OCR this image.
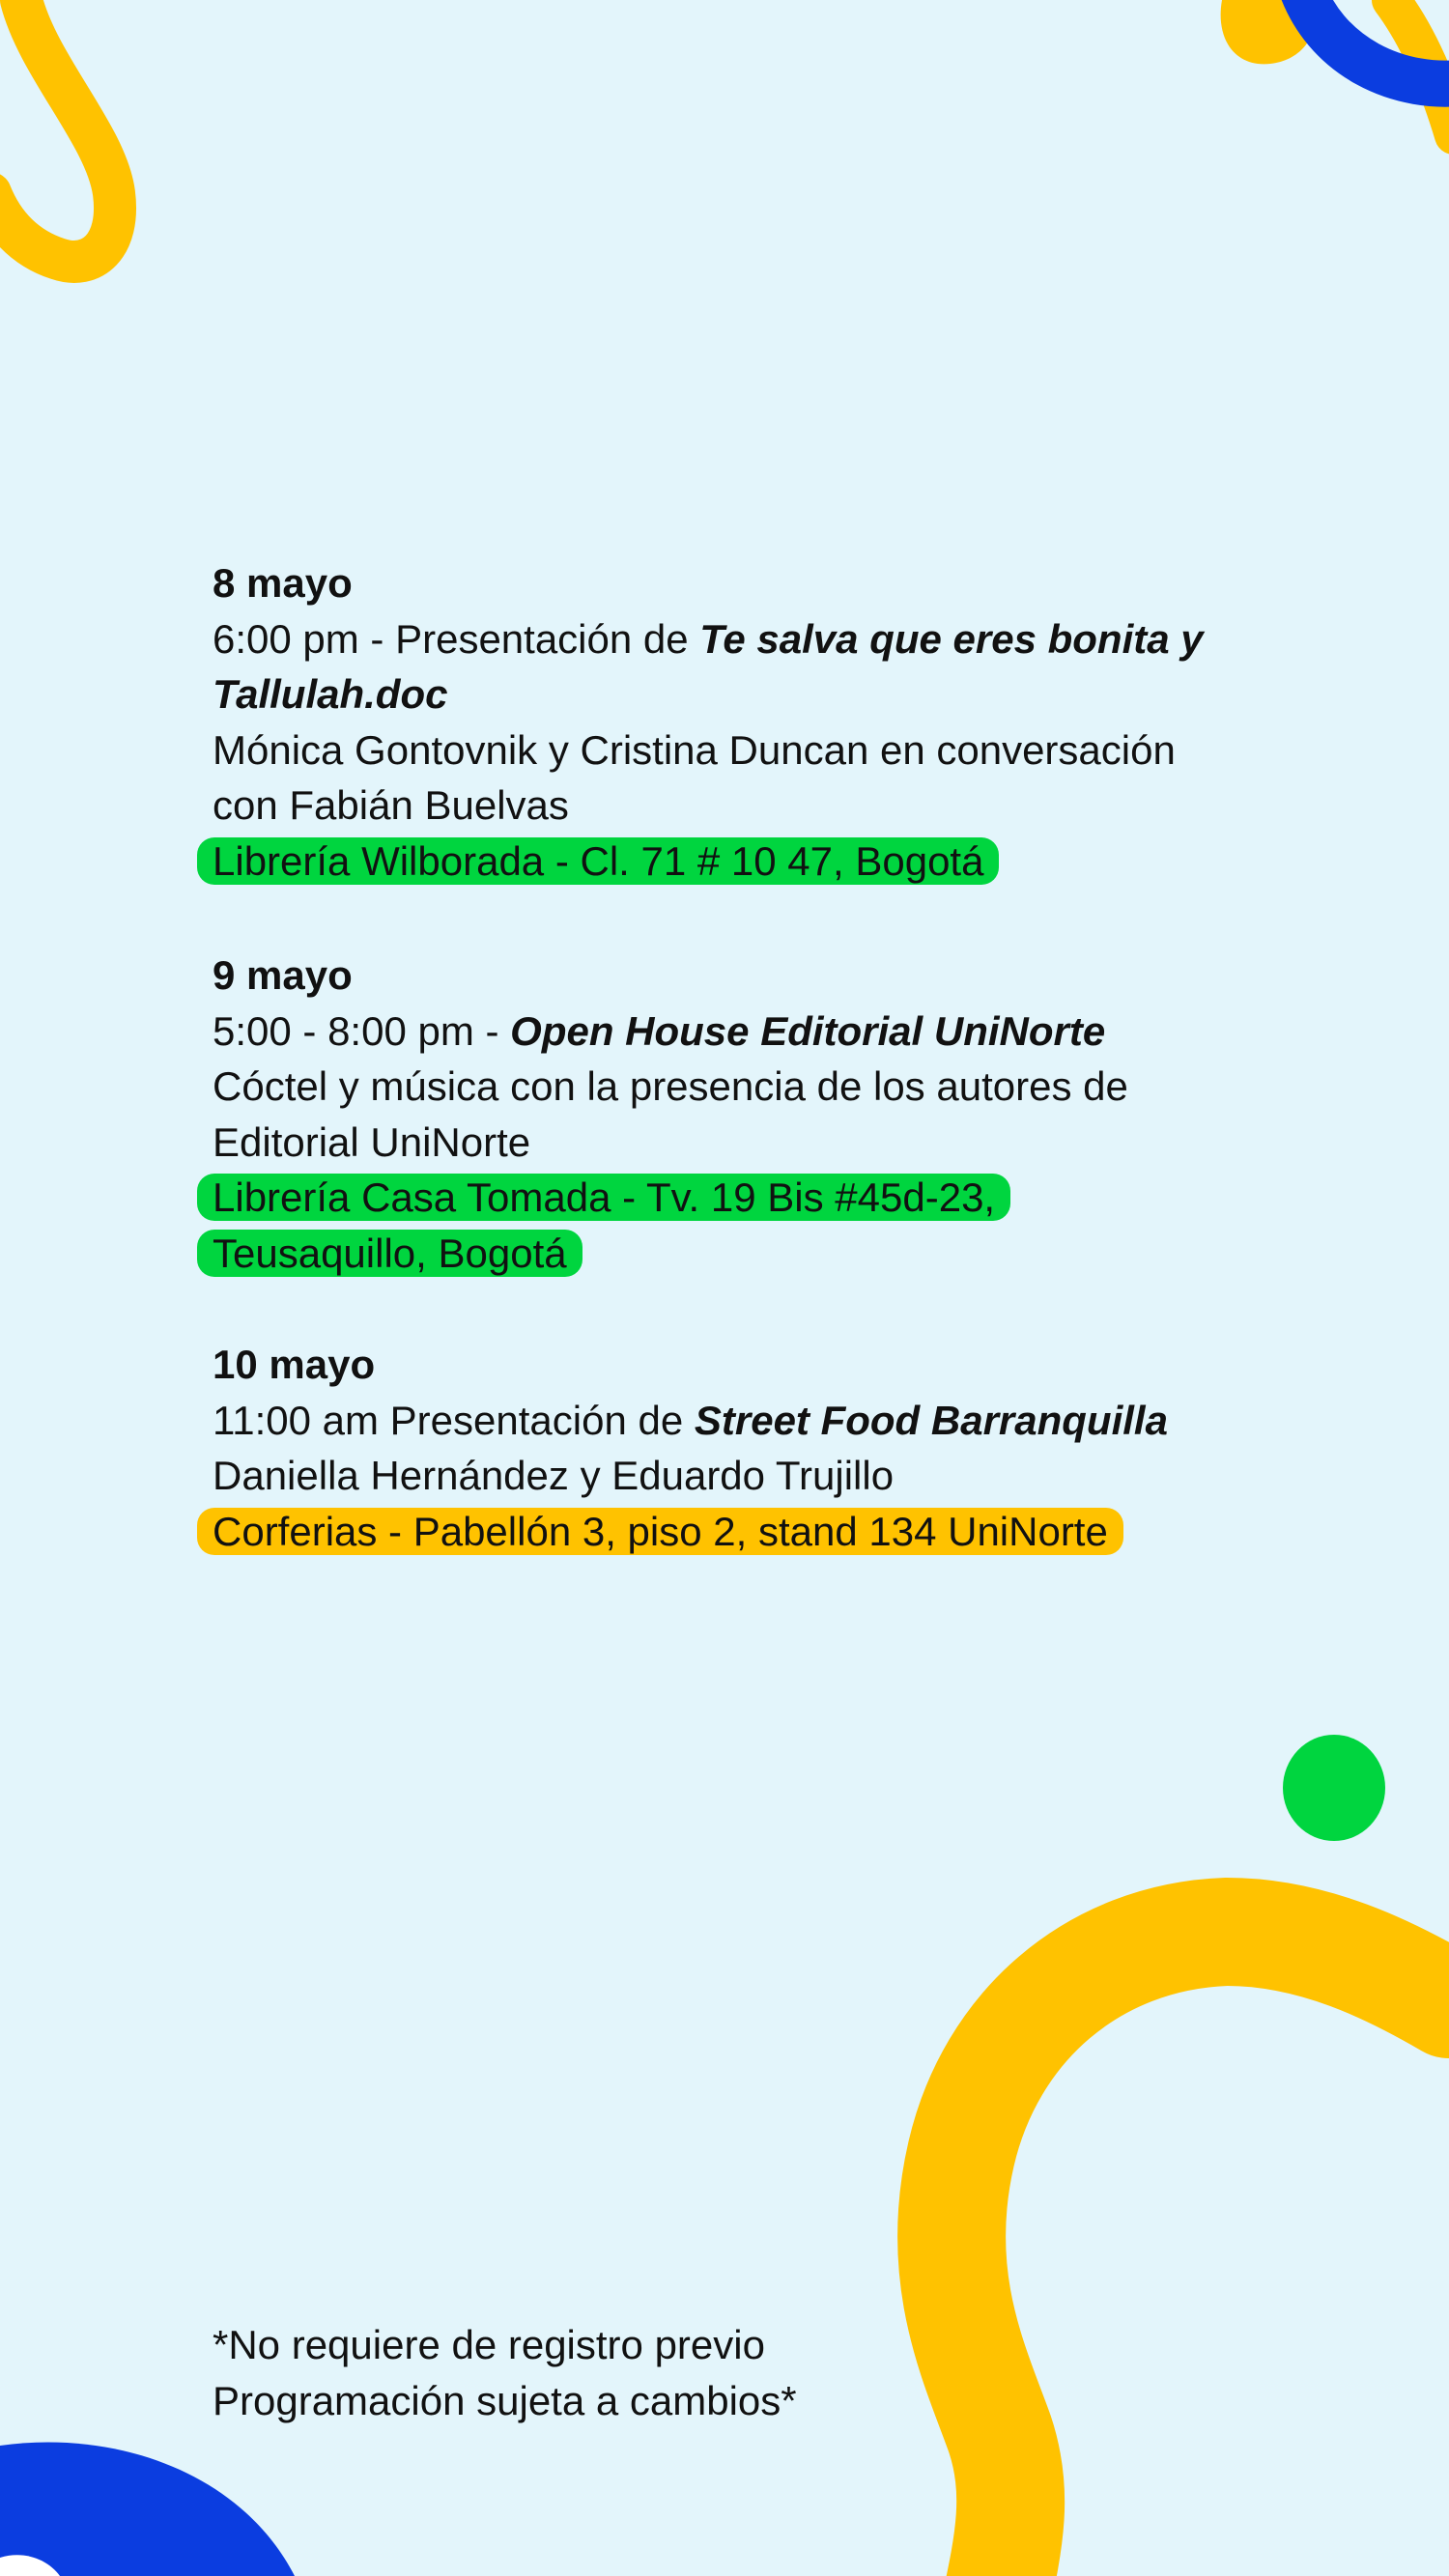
8 mayo

6:00 pm - Presentación de Te salva que eres bonita y

Tallulah.doc

Mónica Gontovnik y Cristina Duncan en conversación

con Fabián Buelvas

Librería Wilborada - Cl. 71 # 10 47, Bogotá

9 mayo

5:00 - 8:00 pm - Open House Editorial UniNorte

Cóctel y música con la presencia de los autores de

Editorial UniNorte

Librería Casa Tomada - Tv. 19 Bis #45d-23,

Teusaquillo, Bogotá

10 mayo

11:00 am Presentación de Street Food Barranquilla

Daniella Hernández y Eduardo Trujillo

Corferias - Pabellón 3, piso 2, stand 134 UniNorte

*No requiere de registro previo

Programación sujeta a cambios*
